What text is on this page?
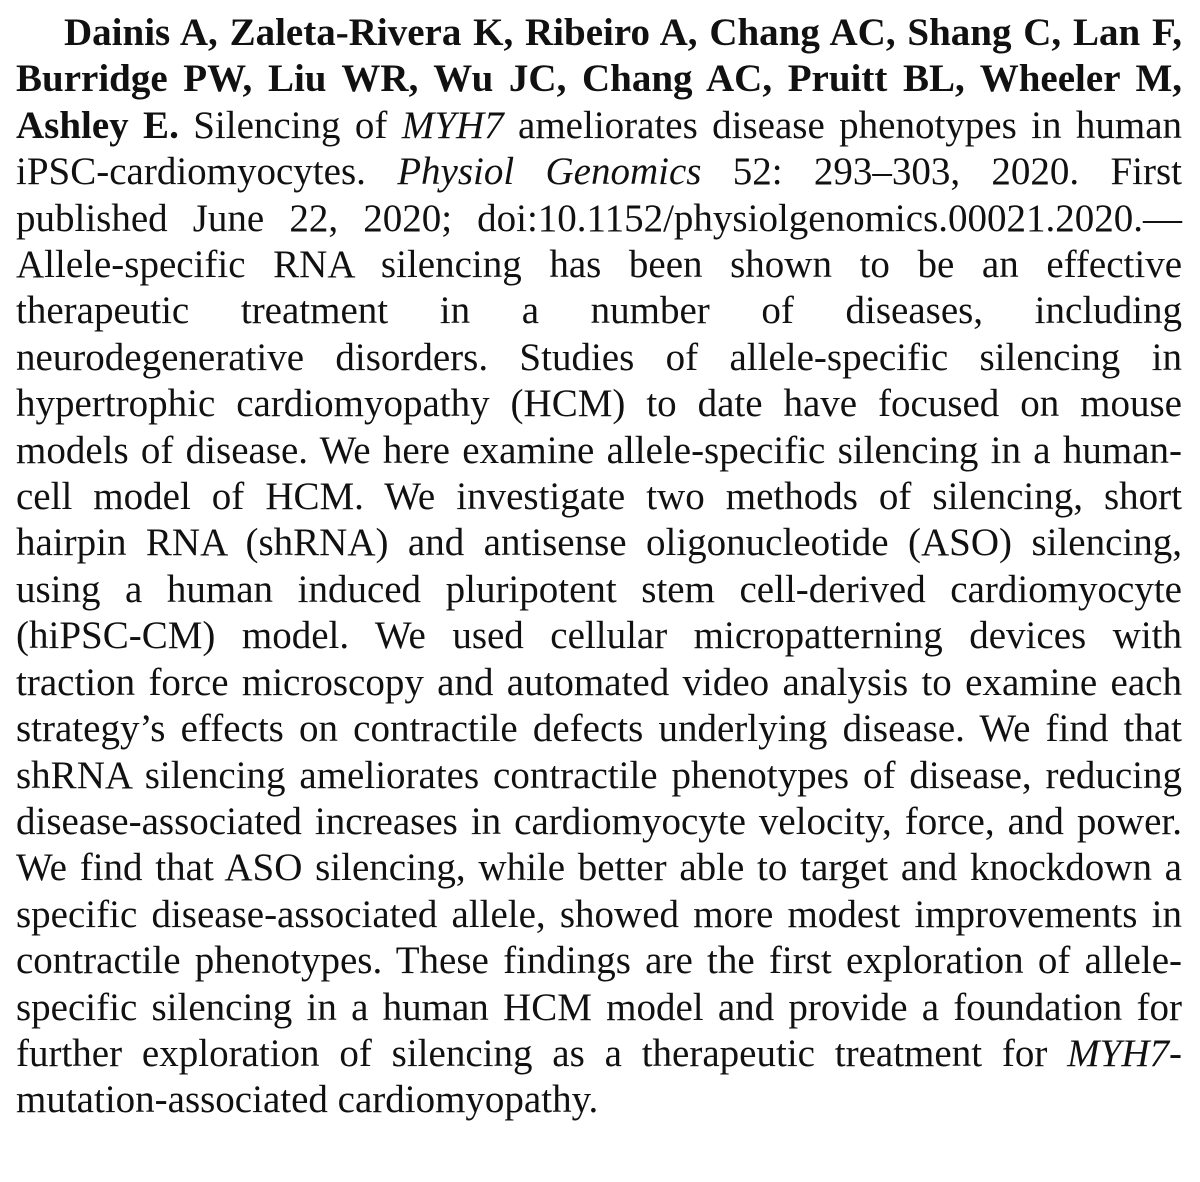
Dainis A, Zaleta-Rivera K, Ribeiro A, Chang AC, Shang C, Lan F, Burridge PW, Liu WR, Wu JC, Chang AC, Pruitt BL, Wheeler M, Ashley E. Silencing of MYH7 ameliorates disease phenotypes in human iPSC-cardiomyocytes. Physiol Genomics 52: 293–303, 2020. First published June 22, 2020; doi:10.1152/physiolgenomics.00021.2020.—Allele-specific RNA silencing has been shown to be an effective therapeutic treatment in a number of diseases, including neurodegenerative disorders. Studies of allele-specific silencing in hypertrophic cardiomyopathy (HCM) to date have focused on mouse models of disease. We here examine allele-specific silencing in a human-cell model of HCM. We investigate two methods of silencing, short hairpin RNA (shRNA) and antisense oligonucleotide (ASO) silencing, using a human induced pluripotent stem cell-derived cardiomyocyte (hiPSC-CM) model. We used cellular micropatterning devices with traction force microscopy and automated video analysis to examine each strategy’s effects on contractile defects underlying disease. We find that shRNA silencing ameliorates contractile phenotypes of disease, reducing disease-associated increases in cardiomyocyte velocity, force, and power. We find that ASO silencing, while better able to target and knockdown a specific disease-associated allele, showed more modest improvements in contractile phenotypes. These findings are the first exploration of allele-specific silencing in a human HCM model and provide a foundation for further exploration of silencing as a therapeutic treatment for MYH7-mutation-associated cardiomyopathy.
